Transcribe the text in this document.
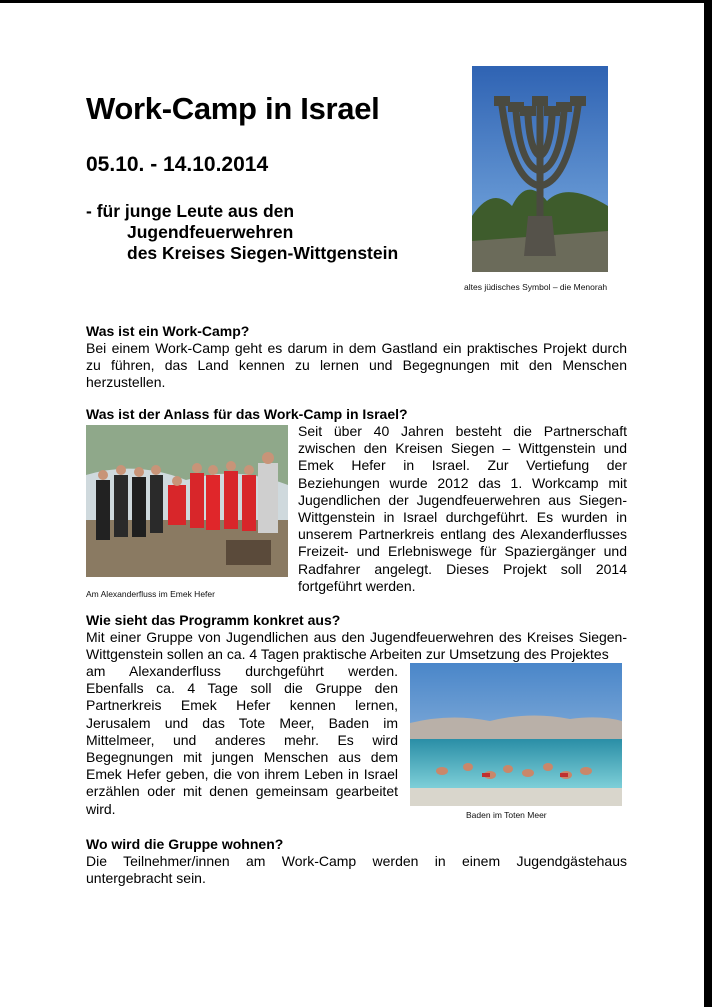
Work-Camp in Israel

05.10. - 14.10.2014

- für junge Leute aus den
Jugendfeuerwehren
des Kreises Siegen-Wittgenstein

altes jüdisches Symbol – die Menorah

Was ist ein Work-Camp?

Bei einem Work-Camp geht es darum in dem Gastland ein praktisches Projekt durch zu führen, das Land kennen zu lernen und Begegnungen mit den Menschen herzustellen.

Was ist der Anlass für das Work-Camp in Israel?

Am Alexanderfluss im Emek Hefer

Seit über 40 Jahren besteht die Partnerschaft zwischen den Kreisen Siegen – Wittgenstein und Emek Hefer in Israel. Zur Vertiefung der Beziehungen wurde 2012 das 1. Workcamp mit Jugendlichen der Jugendfeuerwehren aus Siegen-Wittgenstein in Israel durchgeführt. Es wurden in unserem Partnerkreis entlang des Alexanderflusses Freizeit- und Erlebniswege für Spaziergänger und Radfahrer angelegt. Dieses Projekt soll 2014 fortgeführt werden.

Wie sieht das Programm konkret aus?

Mit einer Gruppe von Jugendlichen aus den Jugendfeuerwehren des Kreises Siegen-Wittgenstein sollen an ca. 4 Tagen praktische Arbeiten zur Umsetzung des Projektes

am Alexanderfluss durchgeführt werden. Ebenfalls ca. 4 Tage soll die Gruppe den Partnerkreis Emek Hefer kennen lernen, Jerusalem und das Tote Meer, Baden im Mittelmeer, und anderes mehr. Es wird Begegnungen mit jungen Menschen aus dem Emek Hefer geben, die von ihrem Leben in Israel erzählen oder mit denen gemeinsam gearbeitet wird.	Baden im Toten Meer

Wo wird die Gruppe wohnen?

Die Teilnehmer/innen am Work-Camp werden in einem Jugendgästehaus untergebracht sein.
